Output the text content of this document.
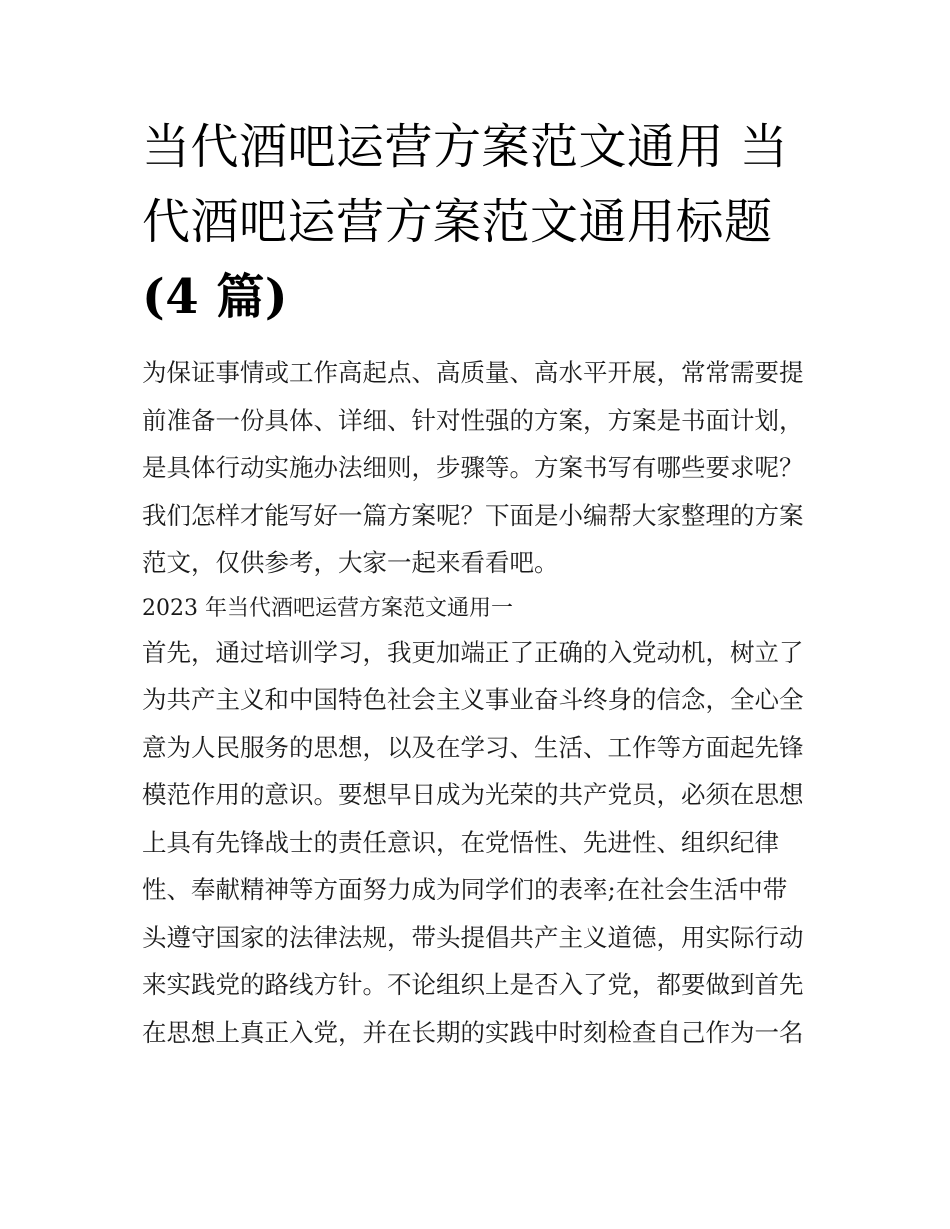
当代酒吧运营方案范文通用 当
代酒吧运营方案范文通用标题
(4 篇)
为保证事情或工作高起点、高质量、高水平开展，常常需要提
前准备一份具体、详细、针对性强的方案，方案是书面计划，
是具体行动实施办法细则，步骤等。方案书写有哪些要求呢？
我们怎样才能写好一篇方案呢？下面是小编帮大家整理的方案
范文，仅供参考，大家一起来看看吧。
2023 年当代酒吧运营方案范文通用一
首先，通过培训学习，我更加端正了正确的入党动机，树立了
为共产主义和中国特色社会主义事业奋斗终身的信念，全心全
意为人民服务的思想，以及在学习、生活、工作等方面起先锋
模范作用的意识。要想早日成为光荣的共产党员，必须在思想
上具有先锋战士的责任意识，在党悟性、先进性、组织纪律
性、奉献精神等方面努力成为同学们的表率;在社会生活中带
头遵守国家的法律法规，带头提倡共产主义道德，用实际行动
来实践党的路线方针。不论组织上是否入了党，都要做到首先
在思想上真正入党，并在长期的实践中时刻检查自己作为一名
